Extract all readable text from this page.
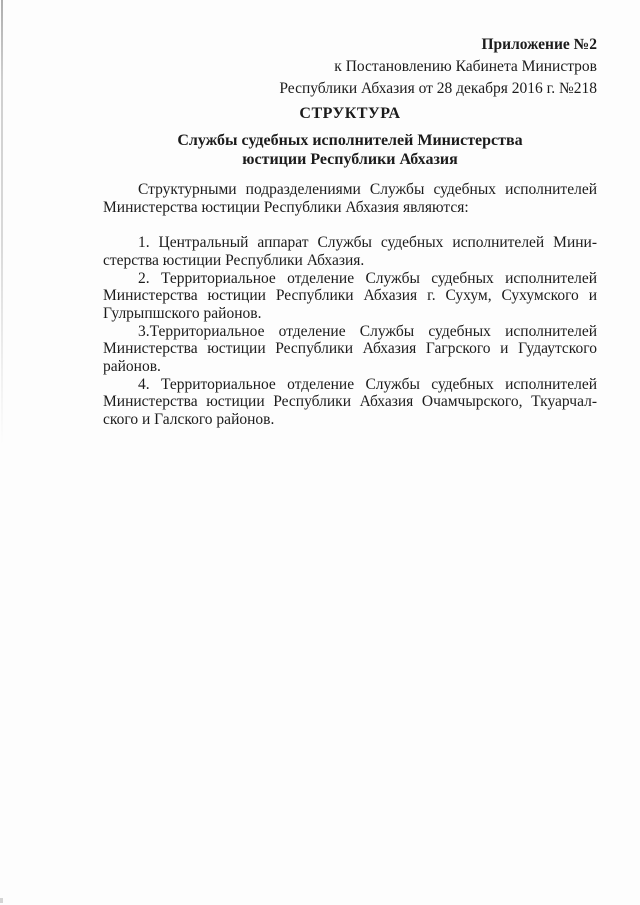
Приложение №2
к Постановлению Кабинета Министров
Республики Абхазия от 28 декабря 2016 г. №218
СТРУКТУРА
Службы судебных исполнителей Министерства
юстиции Республики Абхазия
Структурными подразделениями Службы судебных исполнителей
Министерства юстиции Республики Абхазия являются:
1. Центральный аппарат Службы судебных исполнителей Мини-
стерства юстиции Республики Абхазия.
2. Территориальное отделение Службы судебных исполнителей
Министерства юстиции Республики Абхазия г. Сухум, Сухумского и
Гулрыпшского районов.
3.Территориальное отделение Службы судебных исполнителей
Министерства юстиции Республики Абхазия Гагрского и Гудаутского
районов.
4. Территориальное отделение Службы судебных исполнителей
Министерства юстиции Республики Абхазия Очамчырского, Ткуарчал-
ского и Галского районов.
